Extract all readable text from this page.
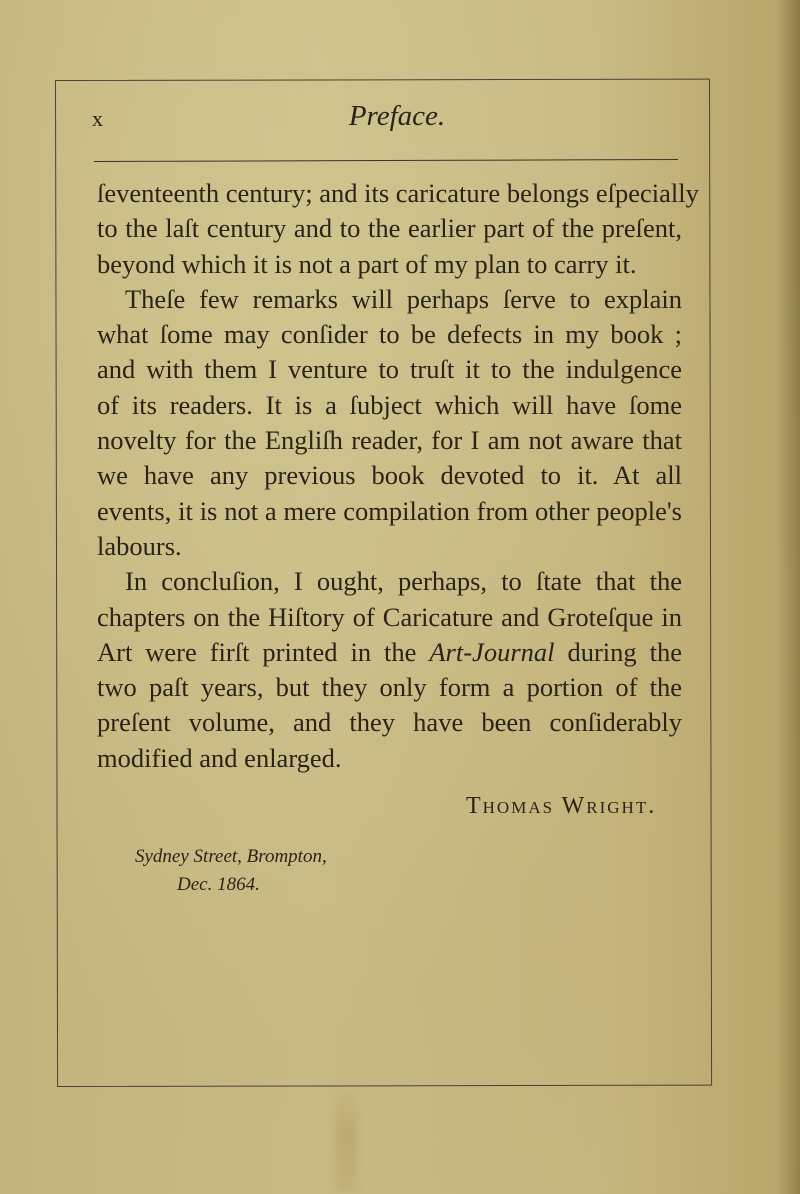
x	Preface.
ſeventeenth century; and its caricature belongs eſpecially
to the laſt century and to the earlier part of the preſent,
beyond which it is not a part of my plan to carry it.
Theſe few remarks will perhaps ſerve to explain
what ſome may conſider to be defects in my book ;
and with them I venture to truſt it to the indulgence
of its readers. It is a ſubject which will have ſome
novelty for the Engliſh reader, for I am not aware that
we have any previous book devoted to it. At all
events, it is not a mere compilation from other people's
labours.
In concluſion, I ought, perhaps, to ſtate that the
chapters on the Hiſtory of Caricature and Groteſque in
Art were firſt printed in the Art-Journal during the
two paſt years, but they only form a portion of the
preſent volume, and they have been conſiderably
modified and enlarged.
Thomas Wright.
Sydney Street, Brompton,
Dec. 1864.
